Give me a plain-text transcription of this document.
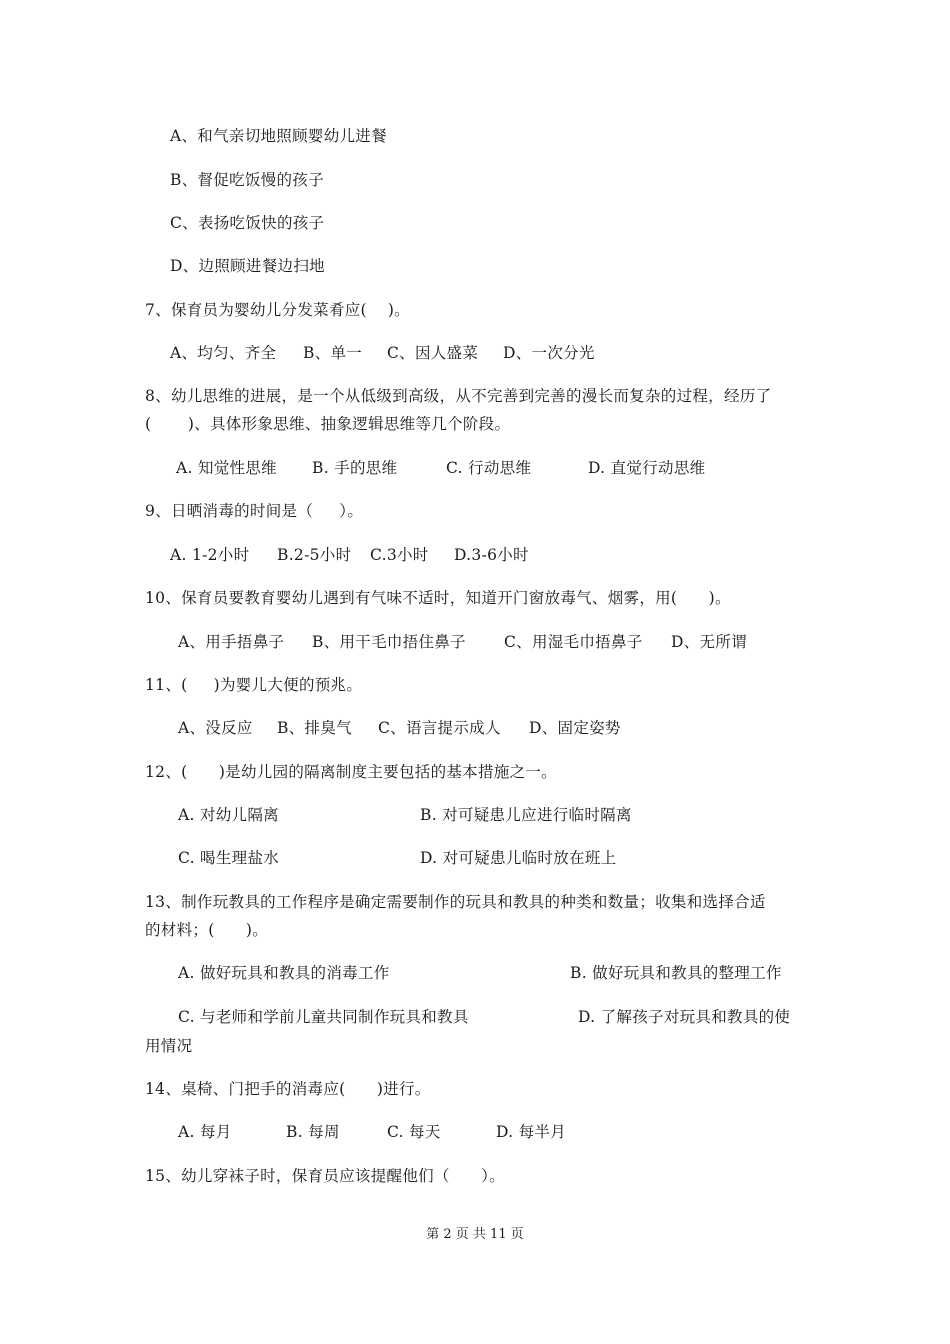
A、和气亲切地照顾婴幼儿进餐
B、督促吃饭慢的孩子
C、表扬吃饭快的孩子
D、边照顾进餐边扫地
7、保育员为婴幼儿分发菜肴应(    )。
A、均匀、齐全 B、单一 C、因人盛菜 D、一次分光
8、幼儿思维的进展，是一个从低级到高级，从不完善到完善的漫长而复杂的过程，经历了
(       )、具体形象思维、抽象逻辑思维等几个阶段。
A. 知觉性思维 B. 手的思维	C. 行动思维	D. 直觉行动思维
9、日晒消毒的时间是（     ）。
A. 1-2小时 B.2-5小时 C.3小时 D.3-6小时
10、保育员要教育婴幼儿遇到有气味不适时，知道开门窗放毒气、烟雾，用(      )。
A、用手捂鼻子 B、用干毛巾捂住鼻子 C、用湿毛巾捂鼻子 D、无所谓
11、(     )为婴儿大便的预兆。
A、没反应 B、排臭气 C、语言提示成人 D、固定姿势
12、(      )是幼儿园的隔离制度主要包括的基本措施之一。
A. 对幼儿隔离	B. 对可疑患儿应进行临时隔离
C. 喝生理盐水	D. 对可疑患儿临时放在班上
13、制作玩教具的工作程序是确定需要制作的玩具和教具的种类和数量；收集和选择合适
的材料；(      )。
A. 做好玩具和教具的消毒工作	B. 做好玩具和教具的整理工作
C. 与老师和学前儿童共同制作玩具和教具	D. 了解孩子对玩具和教具的使
用情况
14、桌椅、门把手的消毒应(      )进行。
A. 每月	B. 每周	C. 每天	D. 每半月
15、幼儿穿袜子时，保育员应该提醒他们（      ）。
第 2 页 共 11 页
